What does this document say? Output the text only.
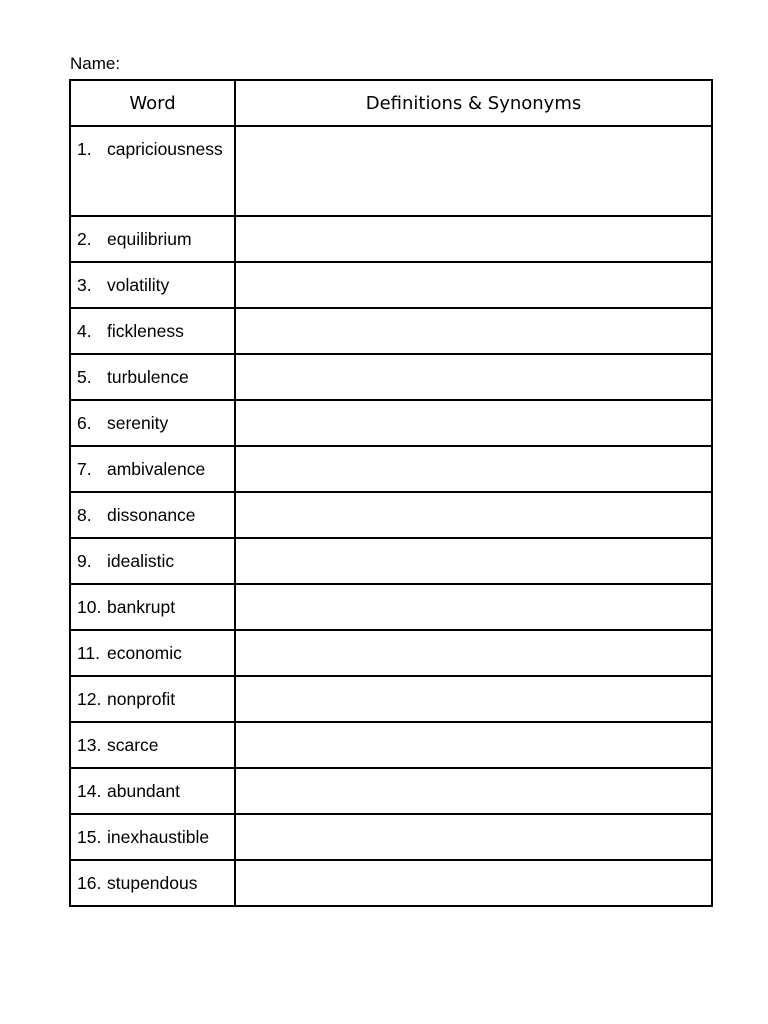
Name:
Word	Definitions & Synonyms

1. capriciousness	

2. equilibrium	

3. volatility	

4. fickleness	

5. turbulence	

6. serenity	

7. ambivalence	

8. dissonance	

9. idealistic	

10. bankrupt	

11. economic	

12. nonprofit	

13. scarce	

14. abundant	

15. inexhaustible	

16. stupendous	
